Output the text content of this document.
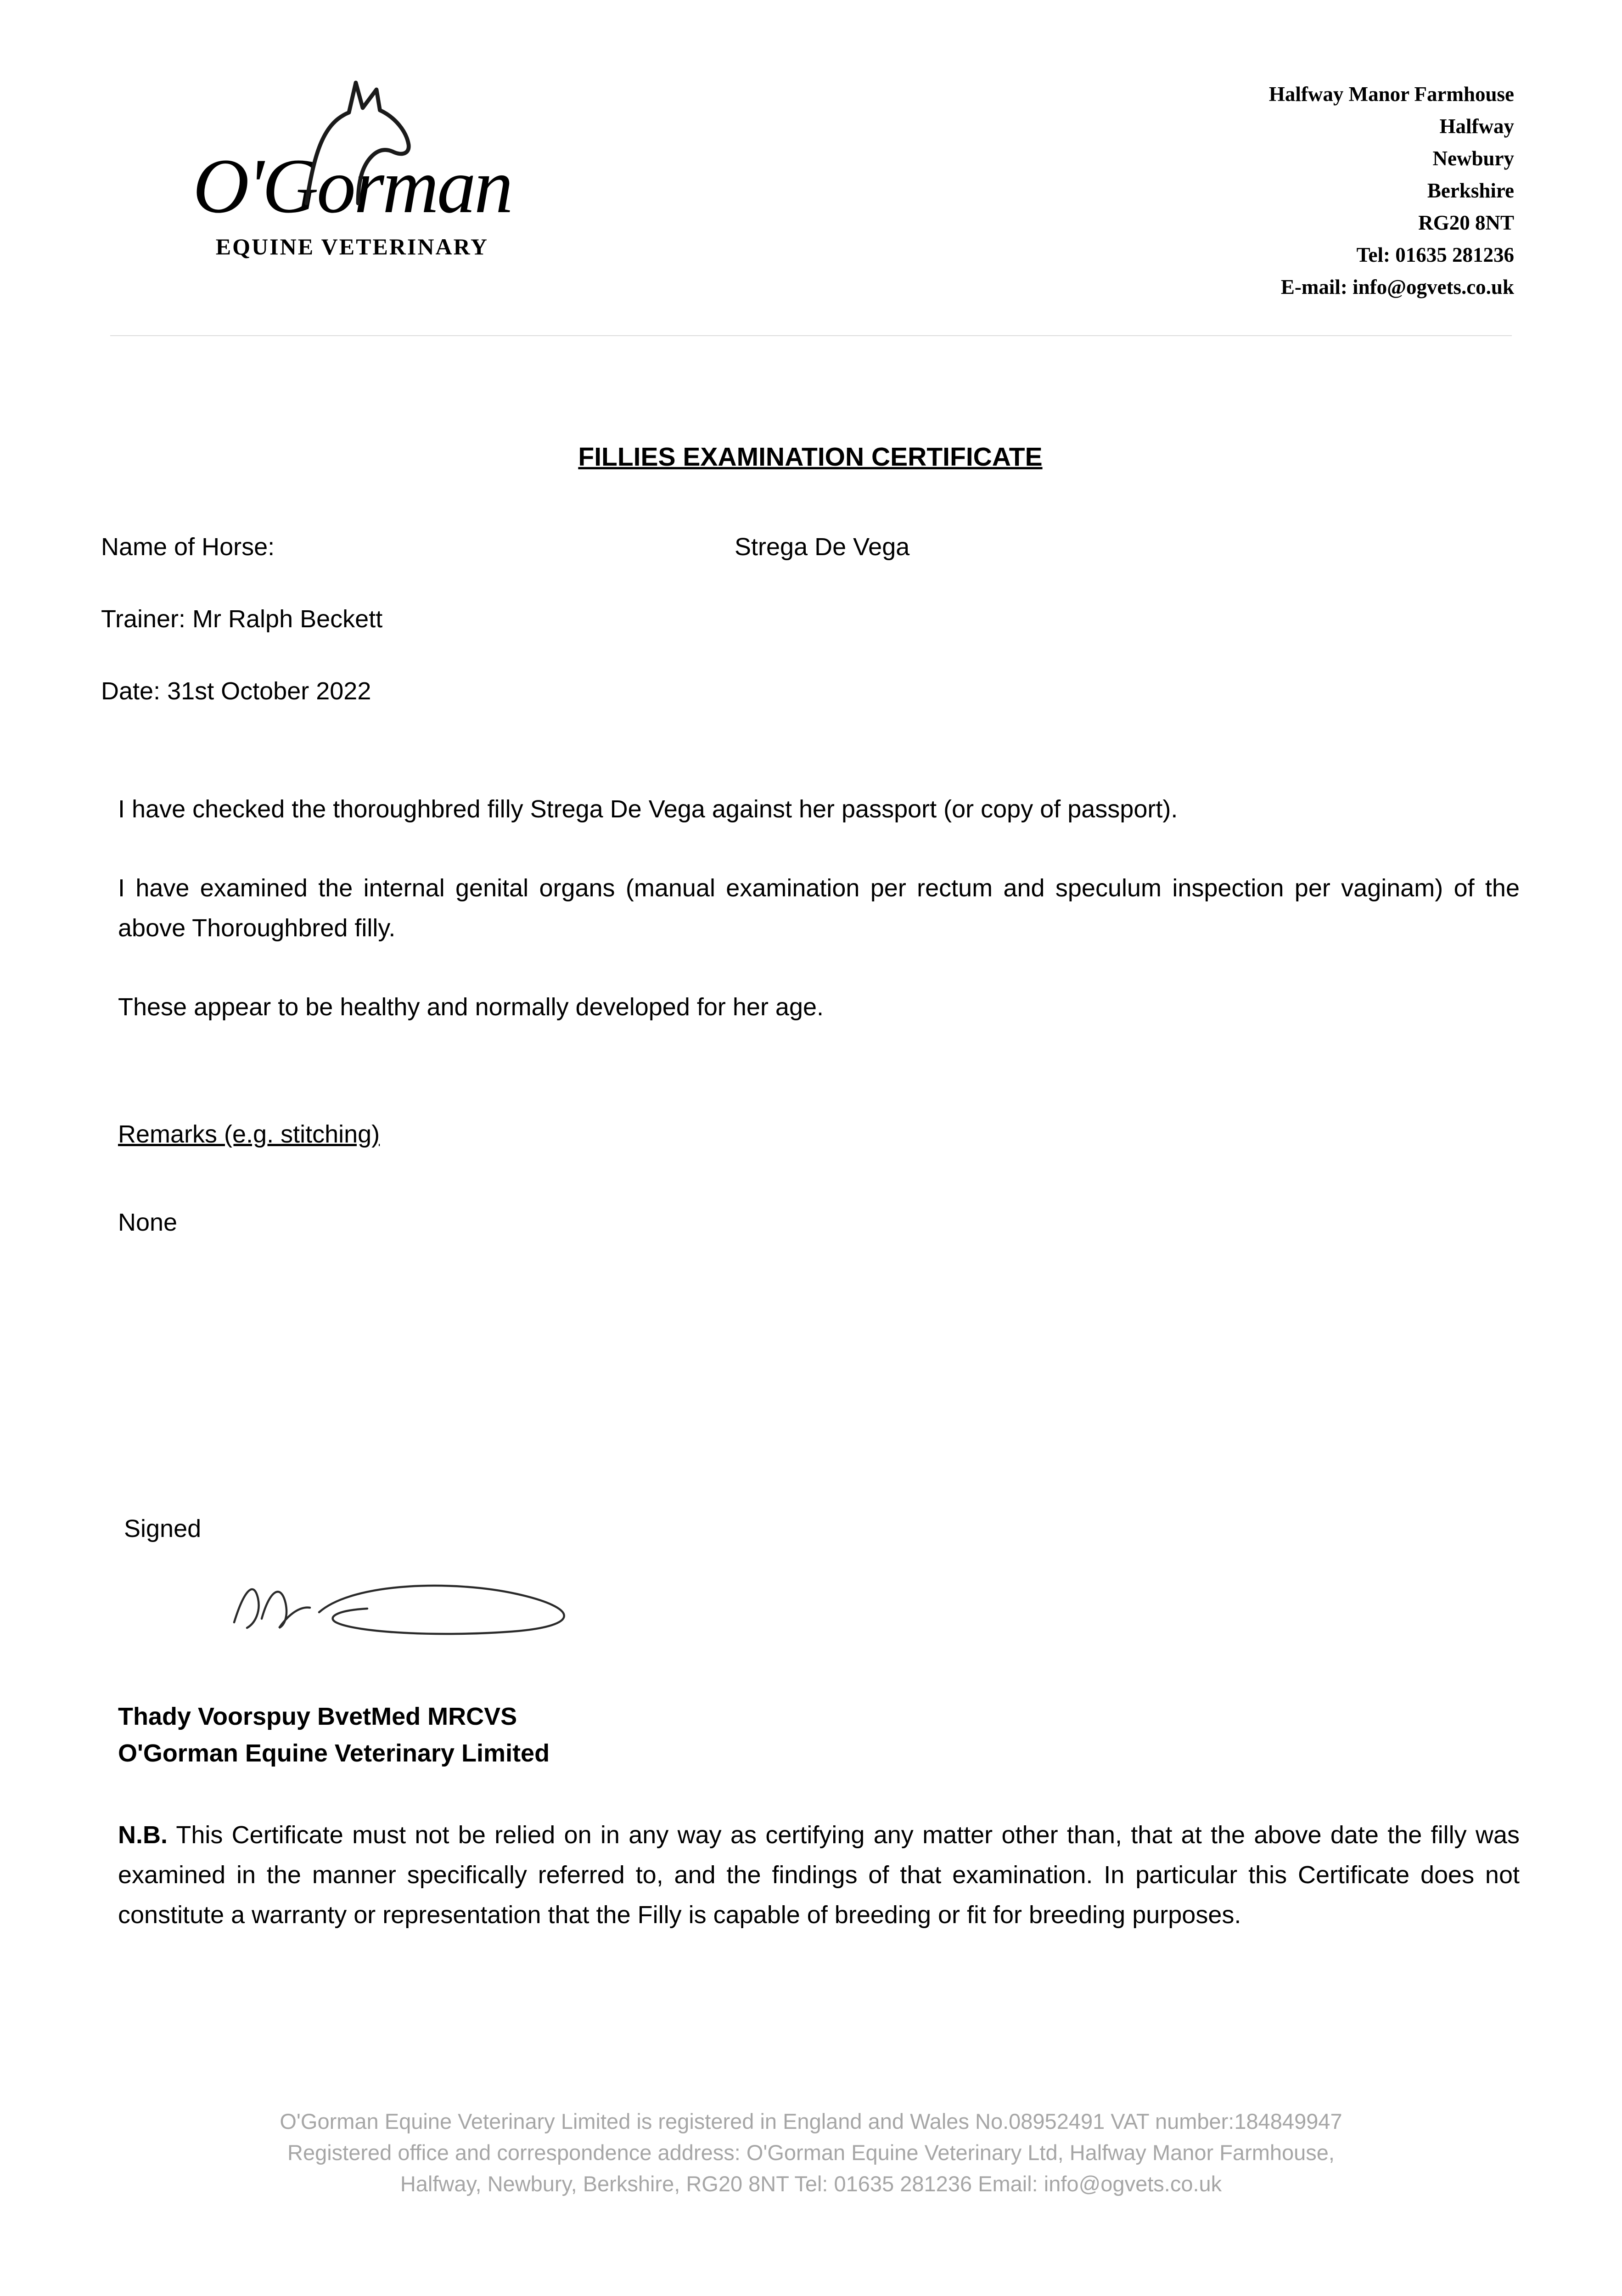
O'Gorman
EQUINE VETERINARY
Halfway Manor Farmhouse
Halfway
Newbury
Berkshire
RG20 8NT
Tel: 01635 281236
E-mail: info@ogvets.co.uk
FILLIES EXAMINATION CERTIFICATE
Name of Horse:	Strega De Vega
Trainer: Mr Ralph Beckett
Date: 31st October 2022

I have checked the thoroughbred filly Strega De Vega against her passport (or copy of passport).

I have examined the internal genital organs (manual examination per rectum and speculum inspection per vaginam) of the above Thoroughbred filly.

These appear to be healthy and normally developed for her age.

Remarks (e.g. stitching)
None
Signed
Thady Voorspuy BvetMed MRCVS
O'Gorman Equine Veterinary Limited

N.B. This Certificate must not be relied on in any way as certifying any matter other than, that at the above date the filly was examined in the manner specifically referred to, and the findings of that examination. In particular this Certificate does not constitute a warranty or representation that the Filly is capable of breeding or fit for breeding purposes.

O'Gorman Equine Veterinary Limited is registered in England and Wales No.08952491 VAT number:184849947
Registered office and correspondence address: O'Gorman Equine Veterinary Ltd, Halfway Manor Farmhouse,
Halfway, Newbury, Berkshire, RG20 8NT Tel: 01635 281236 Email: info@ogvets.co.uk
